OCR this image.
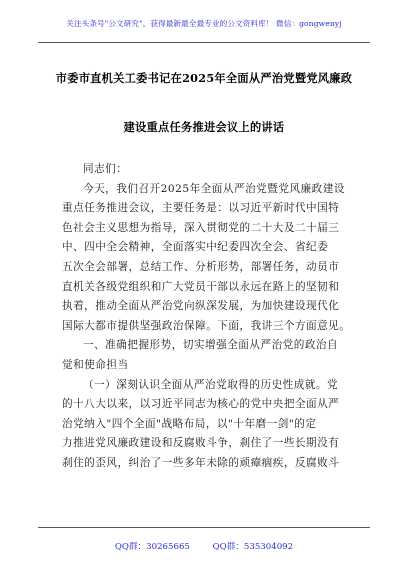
关注头条号"公文研究"，获得最新最全最专业的公文资料库！ 微信：gongwenyj
市委市直机关工委书记在2025年全面从严治党暨党风廉政
建设重点任务推进会议上的讲话
同志们：
今天，我们召开2025年全面从严治党暨党风廉政建设
重点任务推进会议，主要任务是：以习近平新时代中国特
色社会主义思想为指导，深入贯彻党的二十大及二十届三
中、四中全会精神，全面落实中纪委四次全会、省纪委
五次全会部署，总结工作、分析形势，部署任务，动员市
直机关各级党组织和广大党员干部以永远在路上的坚韧和
执着，推动全面从严治党向纵深发展，为加快建设现代化
国际大都市提供坚强政治保障。下面，我讲三个方面意见。
一、准确把握形势，切实增强全面从严治党的政治自
觉和使命担当
（一）深刻认识全面从严治党取得的历史性成就。党
的十八大以来，以习近平同志为核心的党中央把全面从严
治党纳入"四个全面"战略布局，以"十年磨一剑"的定
力推进党风廉政建设和反腐败斗争，刹住了一些长期没有
刹住的歪风，纠治了一些多年未除的顽瘴痼疾，反腐败斗
QQ群：30265665	QQ群：535304092
